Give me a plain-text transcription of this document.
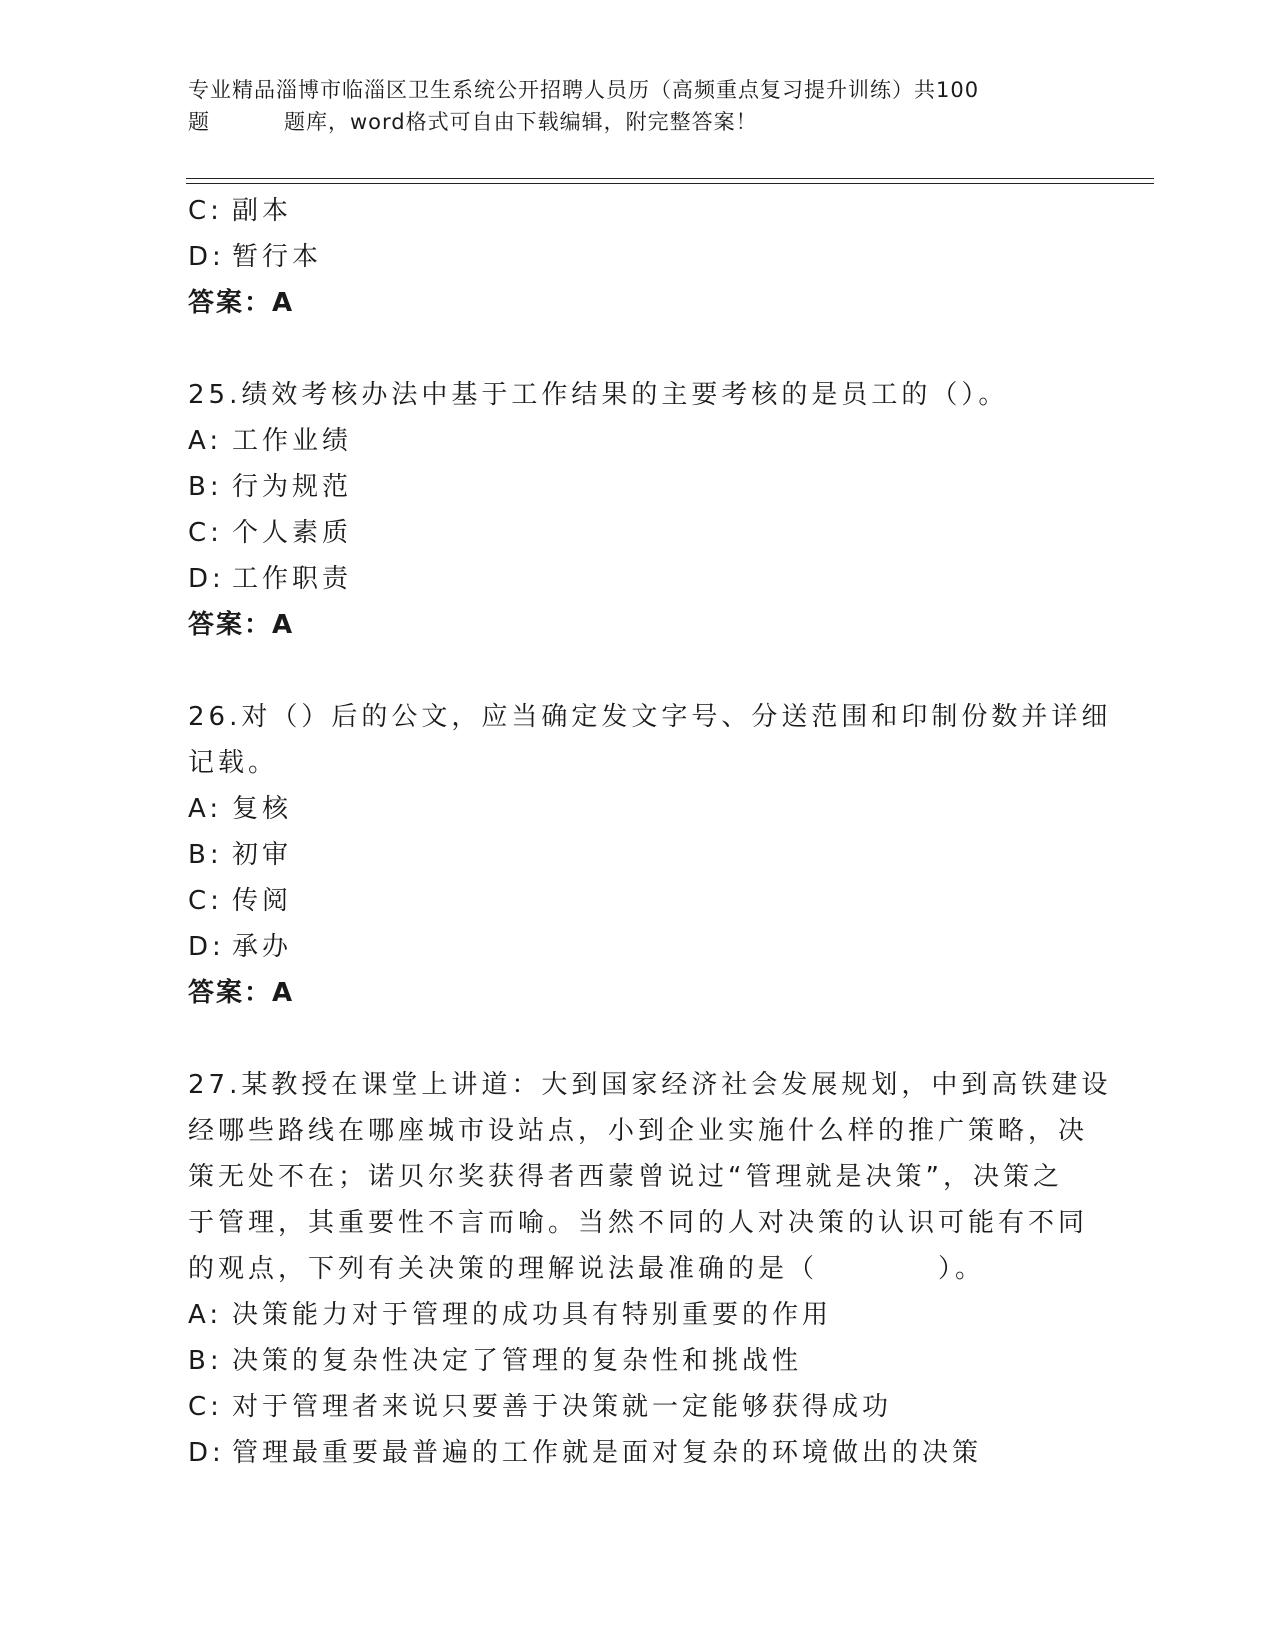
专业精品淄博市临淄区卫生系统公开招聘人员历（高频重点复习提升训练）共100
题	题库，word格式可自由下载编辑，附完整答案！
C: 副本
D: 暂行本
答案：A
25.绩效考核办法中基于工作结果的主要考核的是员工的（）。
A: 工作业绩
B: 行为规范
C: 个人素质
D: 工作职责
答案：A
26.对（）后的公文，应当确定发文字号、分送范围和印制份数并详细
记载。
A: 复核
B: 初审
C: 传阅
D: 承办
答案：A
27.某教授在课堂上讲道：大到国家经济社会发展规划，中到高铁建设
经哪些路线在哪座城市设站点，小到企业实施什么样的推广策略，决
策无处不在；诺贝尔奖获得者西蒙曾说过“管理就是决策”，决策之
于管理，其重要性不言而喻。当然不同的人对决策的认识可能有不同
的观点，下列有关决策的理解说法最准确的是（	）。
A: 决策能力对于管理的成功具有特别重要的作用
B: 决策的复杂性决定了管理的复杂性和挑战性
C: 对于管理者来说只要善于决策就一定能够获得成功
D: 管理最重要最普遍的工作就是面对复杂的环境做出的决策
